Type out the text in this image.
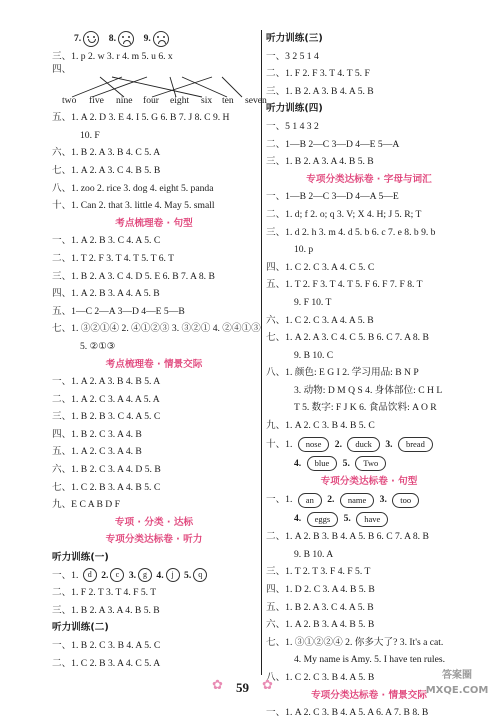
7.	8.	9.
三、1. p 2. w 3. r 4. m 5. u 6. x
四、
two five nine four eight six ten seven
五、1. A 2. D 3. E 4. I 5. G 6. B 7. J 8. C 9. H
10. F
六、1. B 2. A 3. B 4. C 5. A
七、1. A 2. A 3. C 4. B 5. B
八、1. zoo 2. rice 3. dog 4. eight 5. panda
十、1. Can 2. that 3. little 4. May 5. small
考点梳理卷 · 句型
一、1. A 2. B 3. C 4. A 5. C
二、1. T 2. F 3. T 4. T 5. T 6. T
三、1. B 2. A 3. C 4. D 5. E 6. B 7. A 8. B
四、1. A 2. B 3. A 4. A 5. B
五、1—C 2—A 3—D 4—E 5—B
七、1. ③②①④ 2. ④①②③ 3. ③②① 4. ②④①③
5. ②①③
考点梳理卷 · 情景交际
一、1. A 2. A 3. B 4. B 5. A
二、1. A 2. C 3. A 4. A 5. A
三、1. B 2. B 3. C 4. A 5. C
四、1. B 2. C 3. A 4. B
五、1. A 2. C 3. A 4. B
六、1. B 2. C 3. A 4. D 5. B
七、1. C 2. B 3. A 4. B 5. C
九、E C A B D F
专项 · 分类 · 达标
专项分类达标卷 · 听力
听力训练(一)
一、1. d 2. c 3. g 4. j 5. q
二、1. F 2. T 3. T 4. F 5. T
三、1. B 2. A 3. A 4. B 5. B
听力训练(二)
一、1. B 2. C 3. B 4. A 5. C
二、1. C 2. B 3. A 4. C 5. A
听力训练(三)
一、3 2 5 1 4
二、1. F 2. F 3. T 4. T 5. F
三、1. B 2. A 3. B 4. A 5. B
听力训练(四)
一、5 1 4 3 2
二、1—B 2—C 3—D 4—E 5—A
三、1. B 2. A 3. A 4. B 5. B
专项分类达标卷 · 字母与词汇
一、1—B 2—C 3—D 4—A 5—E
二、1. d; f 2. o; q 3. V; X 4. H; J 5. R; T
三、1. d 2. h 3. m 4. d 5. b 6. c 7. e 8. b 9. b
10. p
四、1. C 2. C 3. A 4. C 5. C
五、1. T 2. F 3. T 4. T 5. F 6. F 7. F 8. T
9. F 10. T
六、1. C 2. C 3. A 4. A 5. B
七、1. A 2. A 3. C 4. C 5. B 6. C 7. A 8. B
9. B 10. C
八、1. 颜色: E G I 2. 学习用品: B N P
3. 动物: D M Q S 4. 身体部位: C H L
T 5. 数字: F J K 6. 食品饮料: A O R
九、1. A 2. C 3. B 4. B 5. C
十、1. nose 2. duck 3. bread
4. blue 5. Two
专项分类达标卷 · 句型
一、1. an 2. name 3. too
4. eggs 5. have
二、1. A 2. B 3. B 4. A 5. B 6. C 7. A 8. B
9. B 10. A
三、1. T 2. T 3. F 4. F 5. T
四、1. D 2. C 3. A 4. B 5. B
五、1. B 2. A 3. C 4. A 5. B
六、1. A 2. B 3. A 4. B 5. B
七、1. ③①②②④ 2. 你多大了? 3. It's a cat.
4. My name is Amy. 5. I have ten rules.
八、1. C 2. C 3. B 4. A 5. B
专项分类达标卷 · 情景交际
一、1. A 2. C 3. B 4. A 5. A 6. A 7. B 8. B
✿ 59 ✿
答案圈 MXQE.COM
